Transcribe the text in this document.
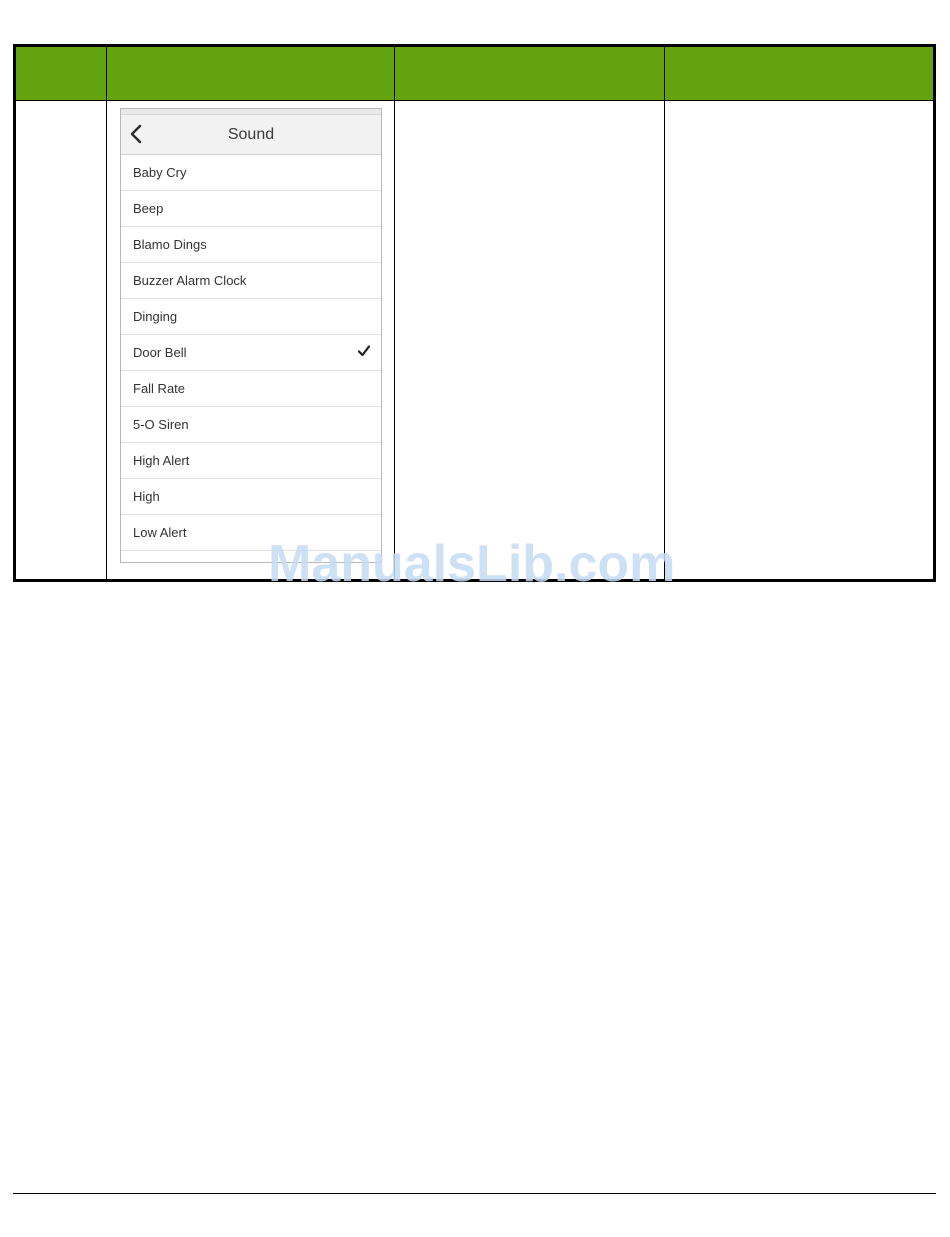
Sound
Baby Cry
Beep
Blamo Dings
Buzzer Alarm Clock
Dinging
Door Bell
Fall Rate
5-O Siren
High Alert
High
Low Alert
ManualsLib.com
